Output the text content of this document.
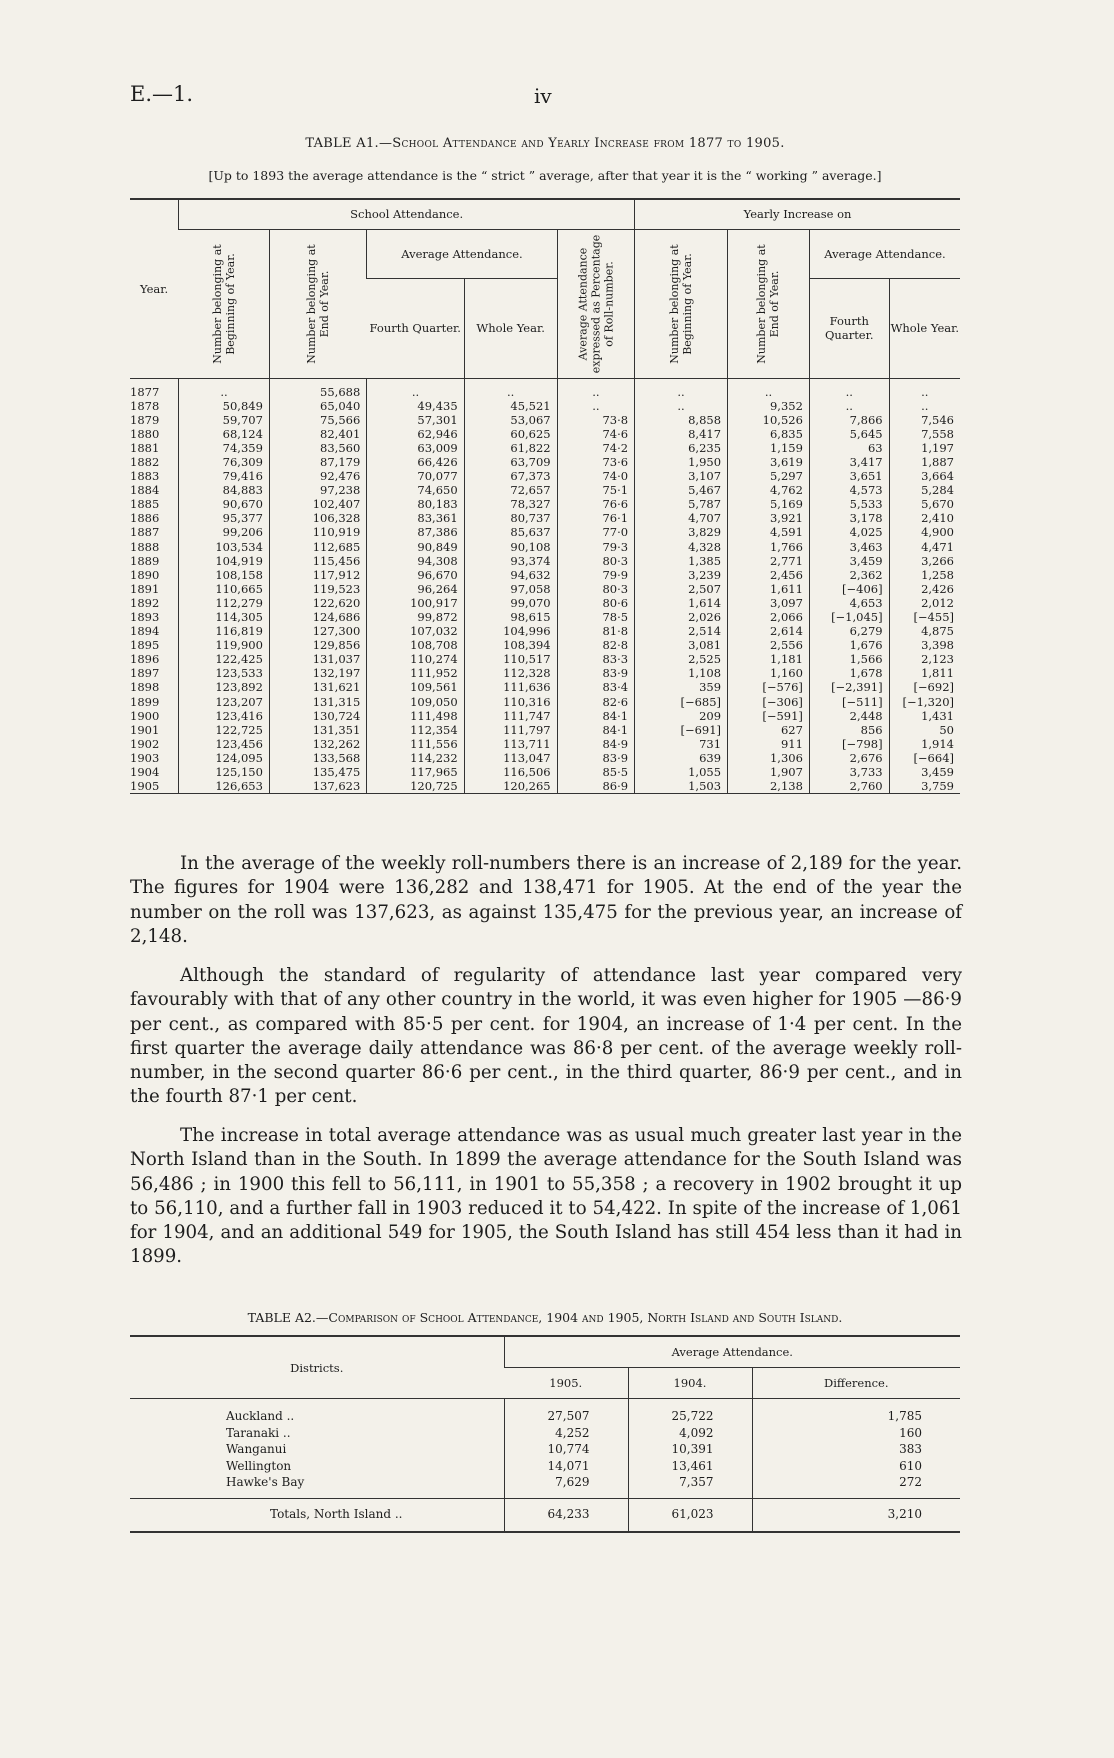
E.—1.	iv
TABLE A1.—School Attendance and Yearly Increase from 1877 to 1905.
[Up to 1893 the average attendance is the “ strict ” average, after that year it is the “ working ” average.]
Year.	School Attendance.					Yearly Increase on			

	Number belonging at Beginning of Year.	Number belonging at End of Year.	Average Attendance.		Average Attendance expressed as Percentage of Roll-number.	Number belonging at Beginning of Year.	Number belonging at End of Year.	Average Attendance.	
			Fourth Quarter.	Whole Year.				Fourth Quarter.	Whole Year.
1877	..	55,688	..	..	..	..	..	..	..
1878	50,849	65,040	49,435	45,521	..	..	9,352	..	..
1879	59,707	75,566	57,301	53,067	73·8	8,858	10,526	7,866	7,546
1880	68,124	82,401	62,946	60,625	74·6	8,417	6,835	5,645	7,558
1881	74,359	83,560	63,009	61,822	74·2	6,235	1,159	63	1,197
1882	76,309	87,179	66,426	63,709	73·6	1,950	3,619	3,417	1,887
1883	79,416	92,476	70,077	67,373	74·0	3,107	5,297	3,651	3,664
1884	84,883	97,238	74,650	72,657	75·1	5,467	4,762	4,573	5,284
1885	90,670	102,407	80,183	78,327	76·6	5,787	5,169	5,533	5,670
1886	95,377	106,328	83,361	80,737	76·1	4,707	3,921	3,178	2,410
1887	99,206	110,919	87,386	85,637	77·0	3,829	4,591	4,025	4,900
1888	103,534	112,685	90,849	90,108	79·3	4,328	1,766	3,463	4,471
1889	104,919	115,456	94,308	93,374	80·3	1,385	2,771	3,459	3,266
1890	108,158	117,912	96,670	94,632	79·9	3,239	2,456	2,362	1,258
1891	110,665	119,523	96,264	97,058	80·3	2,507	1,611	[−406]	2,426
1892	112,279	122,620	100,917	99,070	80·6	1,614	3,097	4,653	2,012
1893	114,305	124,686	99,872	98,615	78·5	2,026	2,066	[−1,045]	[−455]
1894	116,819	127,300	107,032	104,996	81·8	2,514	2,614	6,279	4,875
1895	119,900	129,856	108,708	108,394	82·8	3,081	2,556	1,676	3,398
1896	122,425	131,037	110,274	110,517	83·3	2,525	1,181	1,566	2,123
1897	123,533	132,197	111,952	112,328	83·9	1,108	1,160	1,678	1,811
1898	123,892	131,621	109,561	111,636	83·4	359	[−576]	[−2,391]	[−692]
1899	123,207	131,315	109,050	110,316	82·6	[−685]	[−306]	[−511]	[−1,320]
1900	123,416	130,724	111,498	111,747	84·1	209	[−591]	2,448	1,431
1901	122,725	131,351	112,354	111,797	84·1	[−691]	627	856	50
1902	123,456	132,262	111,556	113,711	84·9	731	911	[−798]	1,914
1903	124,095	133,568	114,232	113,047	83·9	639	1,306	2,676	[−664]
1904	125,150	135,475	117,965	116,506	85·5	1,055	1,907	3,733	3,459
1905	126,653	137,623	120,725	120,265	86·9	1,503	2,138	2,760	3,759

In the average of the weekly roll-numbers there is an increase of 2,189 for the year. The figures for 1904 were 136,282 and 138,471 for 1905. At the end of the year the number on the roll was 137,623, as against 135,475 for the previous year, an increase of 2,148.

Although the standard of regularity of attendance last year compared very favourably with that of any other country in the world, it was even higher for 1905 —86·9 per cent., as compared with 85·5 per cent. for 1904, an increase of 1·4 per cent. In the first quarter the average daily attendance was 86·8 per cent. of the average weekly roll-number, in the second quarter 86·6 per cent., in the third quarter, 86·9 per cent., and in the fourth 87·1 per cent.

The increase in total average attendance was as usual much greater last year in the North Island than in the South. In 1899 the average attendance for the South Island was 56,486 ; in 1900 this fell to 56,111, in 1901 to 55,358 ; a recovery in 1902 brought it up to 56,110, and a further fall in 1903 reduced it to 54,422. In spite of the increase of 1,061 for 1904, and an additional 549 for 1905, the South Island has still 454 less than it had in 1899.

TABLE A2.—Comparison of School Attendance, 1904 and 1905, North Island and South Island.
Districts.	Average Attendance.		
	1905.	1904.	Difference.
Auckland ..	27,507	25,722	1,785
Taranaki ..	4,252	4,092	160
Wanganui	10,774	10,391	383
Wellington	14,071	13,461	610
Hawke's Bay	7,629	7,357	272
Totals, North Island ..	64,233	61,023	3,210
